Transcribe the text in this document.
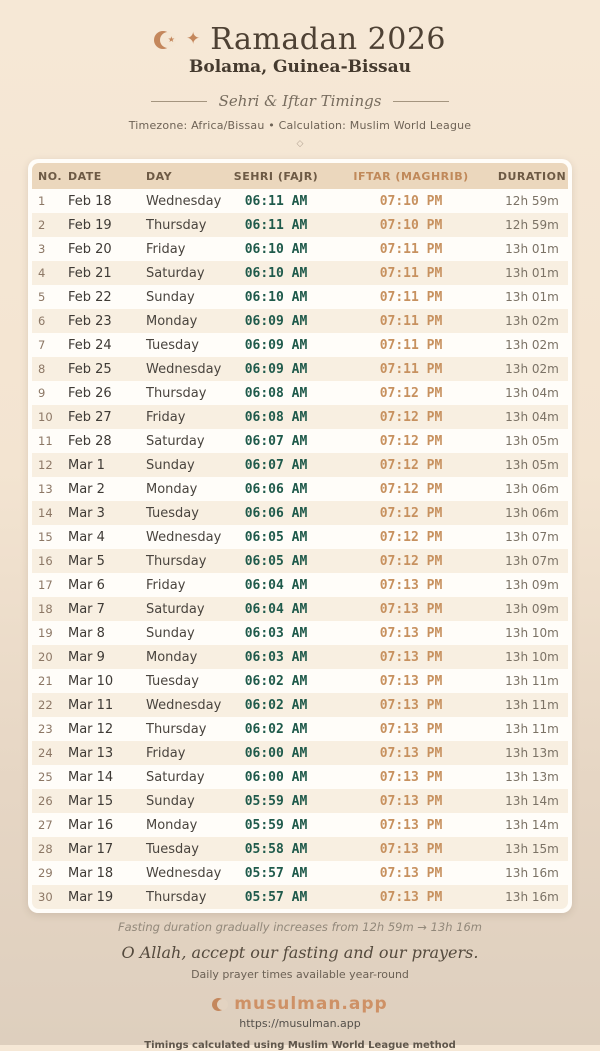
★ ✦ Ramadan 2026
Bolama, Guinea-Bissau
Sehri & Iftar Timings
Timezone: Africa/Bissau • Calculation: Muslim World League
◇
NO. DATE	DAY	SEHRI (FAJR)	IFTAR (MAGHRIB)	DURATION
1	Feb 18	Wednesday	06:11 AM	07:10 PM	12h 59m
2	Feb 19	Thursday	06:11 AM	07:10 PM	12h 59m
3	Feb 20	Friday	06:10 AM	07:11 PM	13h 01m
4	Feb 21	Saturday	06:10 AM	07:11 PM	13h 01m
5	Feb 22	Sunday	06:10 AM	07:11 PM	13h 01m
6	Feb 23	Monday	06:09 AM	07:11 PM	13h 02m
7	Feb 24	Tuesday	06:09 AM	07:11 PM	13h 02m
8	Feb 25	Wednesday	06:09 AM	07:11 PM	13h 02m
9	Feb 26	Thursday	06:08 AM	07:12 PM	13h 04m
10	Feb 27	Friday	06:08 AM	07:12 PM	13h 04m
11	Feb 28	Saturday	06:07 AM	07:12 PM	13h 05m
12	Mar 1	Sunday	06:07 AM	07:12 PM	13h 05m
13	Mar 2	Monday	06:06 AM	07:12 PM	13h 06m
14	Mar 3	Tuesday	06:06 AM	07:12 PM	13h 06m
15	Mar 4	Wednesday	06:05 AM	07:12 PM	13h 07m
16	Mar 5	Thursday	06:05 AM	07:12 PM	13h 07m
17	Mar 6	Friday	06:04 AM	07:13 PM	13h 09m
18	Mar 7	Saturday	06:04 AM	07:13 PM	13h 09m
19	Mar 8	Sunday	06:03 AM	07:13 PM	13h 10m
20	Mar 9	Monday	06:03 AM	07:13 PM	13h 10m
21	Mar 10	Tuesday	06:02 AM	07:13 PM	13h 11m
22	Mar 11	Wednesday	06:02 AM	07:13 PM	13h 11m
23	Mar 12	Thursday	06:02 AM	07:13 PM	13h 11m
24	Mar 13	Friday	06:00 AM	07:13 PM	13h 13m
25	Mar 14	Saturday	06:00 AM	07:13 PM	13h 13m
26	Mar 15	Sunday	05:59 AM	07:13 PM	13h 14m
27	Mar 16	Monday	05:59 AM	07:13 PM	13h 14m
28	Mar 17	Tuesday	05:58 AM	07:13 PM	13h 15m
29	Mar 18	Wednesday	05:57 AM	07:13 PM	13h 16m
30	Mar 19	Thursday	05:57 AM	07:13 PM	13h 16m
Fasting duration gradually increases from 12h 59m → 13h 16m
O Allah, accept our fasting and our prayers.
Daily prayer times available year-round
musulman.app
https://musulman.app
Timings calculated using Muslim World League method
